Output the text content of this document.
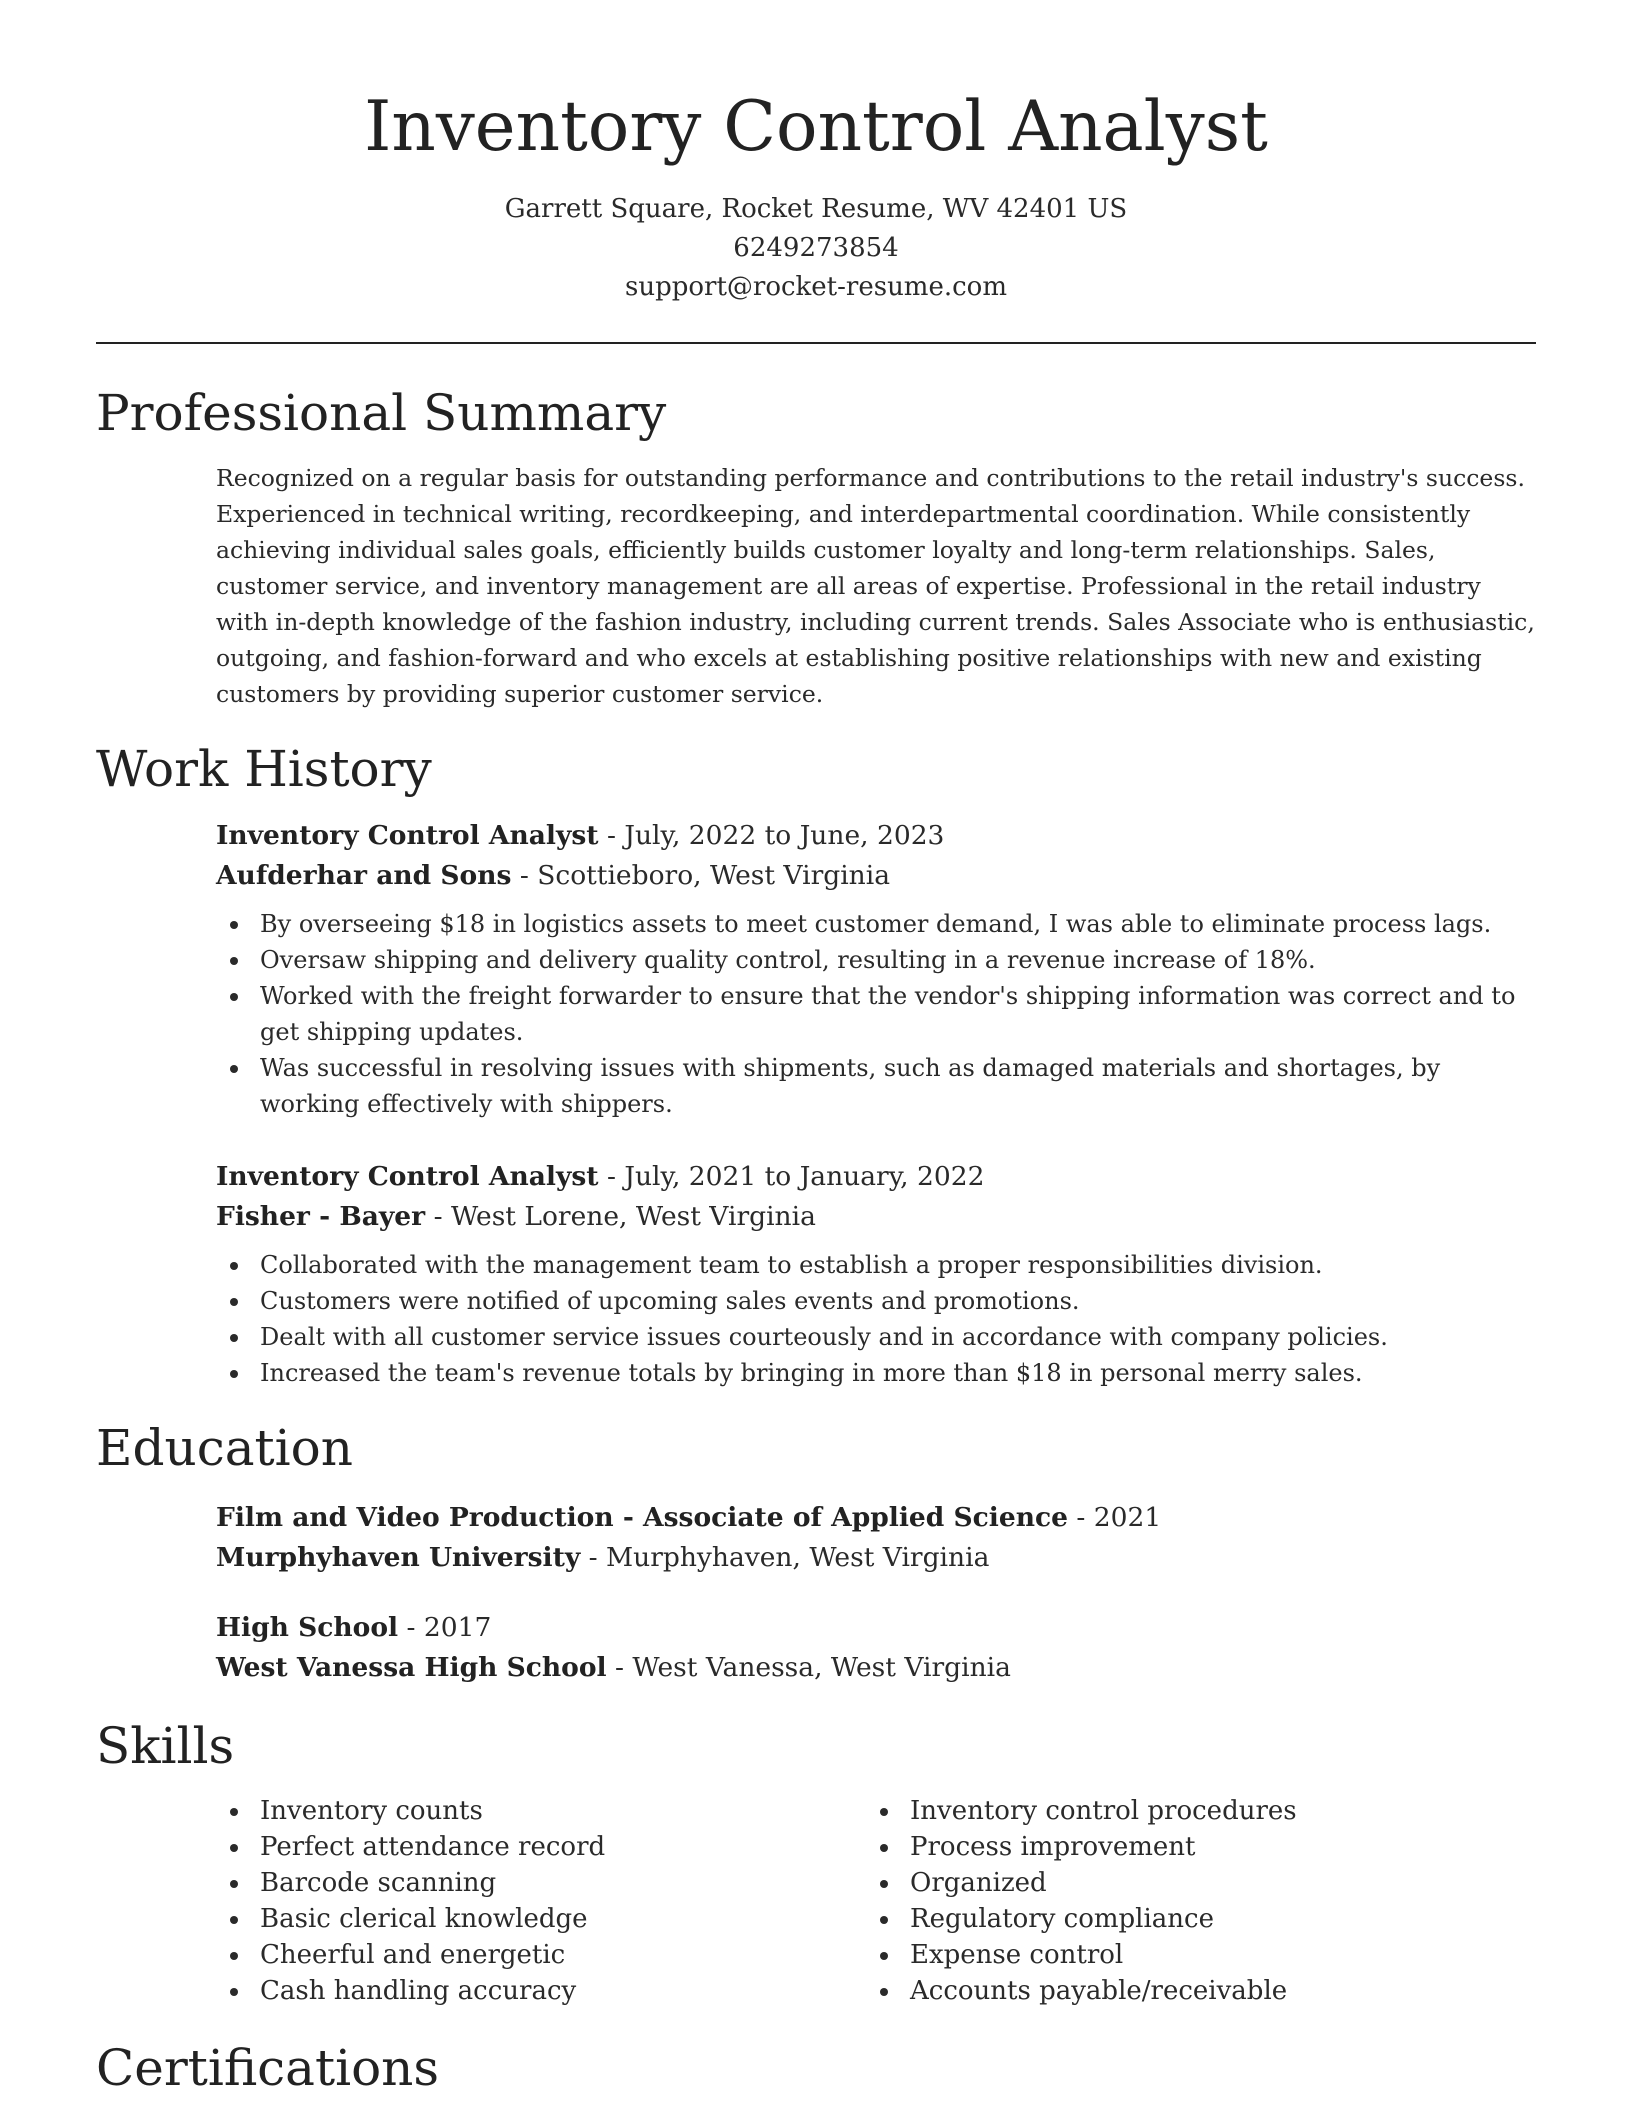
Inventory Control Analyst
Garrett Square, Rocket Resume, WV 42401 US
6249273854
support@rocket-resume.com
Professional Summary
Recognized on a regular basis for outstanding performance and contributions to the retail industry's success. Experienced in technical writing, recordkeeping, and interdepartmental coordination. While consistently achieving individual sales goals, efficiently builds customer loyalty and long-term relationships. Sales, customer service, and inventory management are all areas of expertise. Professional in the retail industry with in-depth knowledge of the fashion industry, including current trends. Sales Associate who is enthusiastic, outgoing, and fashion-forward and who excels at establishing positive relationships with new and existing customers by providing superior customer service.
Work History
Inventory Control Analyst - July, 2022 to June, 2023
Aufderhar and Sons - Scottieboro, West Virginia
By overseeing $18 in logistics assets to meet customer demand, I was able to eliminate process lags.
Oversaw shipping and delivery quality control, resulting in a revenue increase of 18%.
Worked with the freight forwarder to ensure that the vendor's shipping information was correct and to get shipping updates.
Was successful in resolving issues with shipments, such as damaged materials and shortages, by working effectively with shippers.
Inventory Control Analyst - July, 2021 to January, 2022
Fisher - Bayer - West Lorene, West Virginia
Collaborated with the management team to establish a proper responsibilities division.
Customers were notified of upcoming sales events and promotions.
Dealt with all customer service issues courteously and in accordance with company policies.
Increased the team's revenue totals by bringing in more than $18 in personal merry sales.
Education
Film and Video Production - Associate of Applied Science - 2021
Murphyhaven University - Murphyhaven, West Virginia
High School - 2017
West Vanessa High School - West Vanessa, West Virginia
Skills
Inventory counts
Perfect attendance record
Barcode scanning
Basic clerical knowledge
Cheerful and energetic
Cash handling accuracy
Inventory control procedures
Process improvement
Organized
Regulatory compliance
Expense control
Accounts payable/receivable
Certifications
